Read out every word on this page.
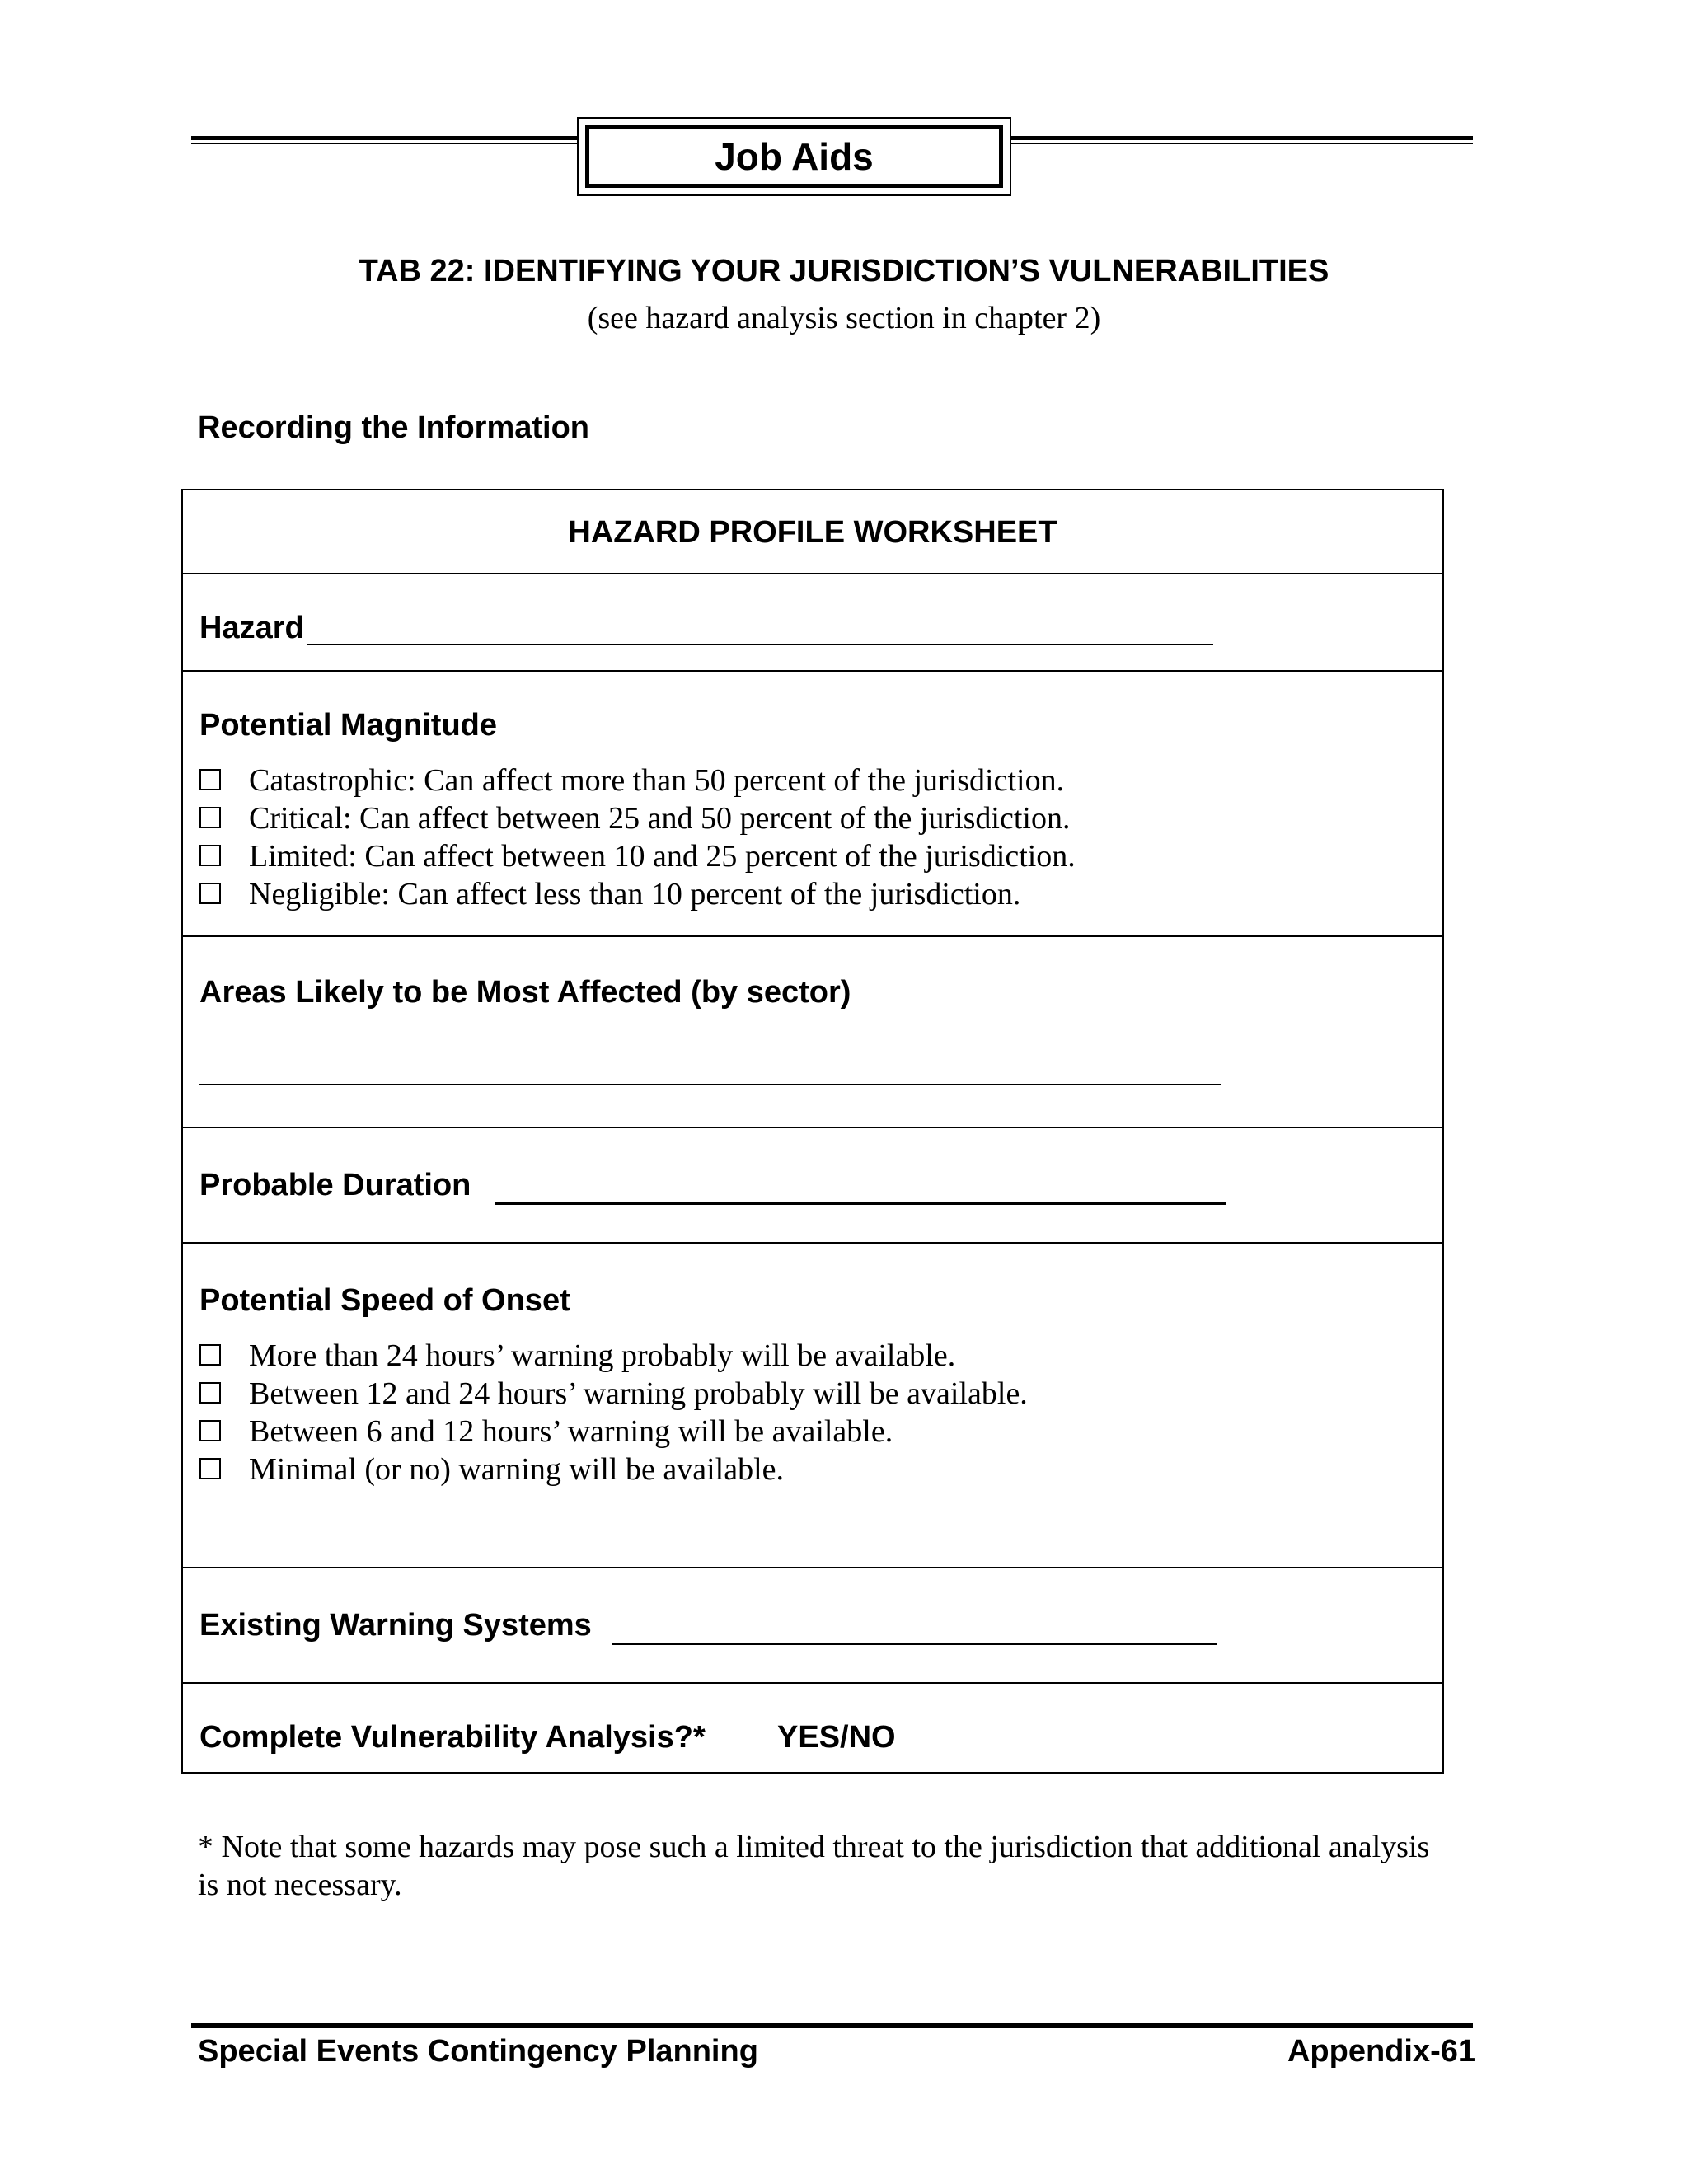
Job Aids
TAB 22: IDENTIFYING YOUR JURISDICTION’S VULNERABILITIES
(see hazard analysis section in chapter 2)
Recording the Information
HAZARD PROFILE WORKSHEET
Hazard
Potential Magnitude
Catastrophic: Can affect more than 50 percent of the jurisdiction.
Critical: Can affect between 25 and 50 percent of the jurisdiction.
Limited: Can affect between 10 and 25 percent of the jurisdiction.
Negligible: Can affect less than 10 percent of the jurisdiction.
Areas Likely to be Most Affected (by sector)
Probable Duration
Potential Speed of Onset
More than 24 hours’ warning probably will be available.
Between 12 and 24 hours’ warning probably will be available.
Between 6 and 12 hours’ warning will be available.
Minimal (or no) warning will be available.
Existing Warning Systems
Complete Vulnerability Analysis?* YES/NO
* Note that some hazards may pose such a limited threat to the jurisdiction that additional analysis is not necessary.
Special Events Contingency Planning	Appendix-61
